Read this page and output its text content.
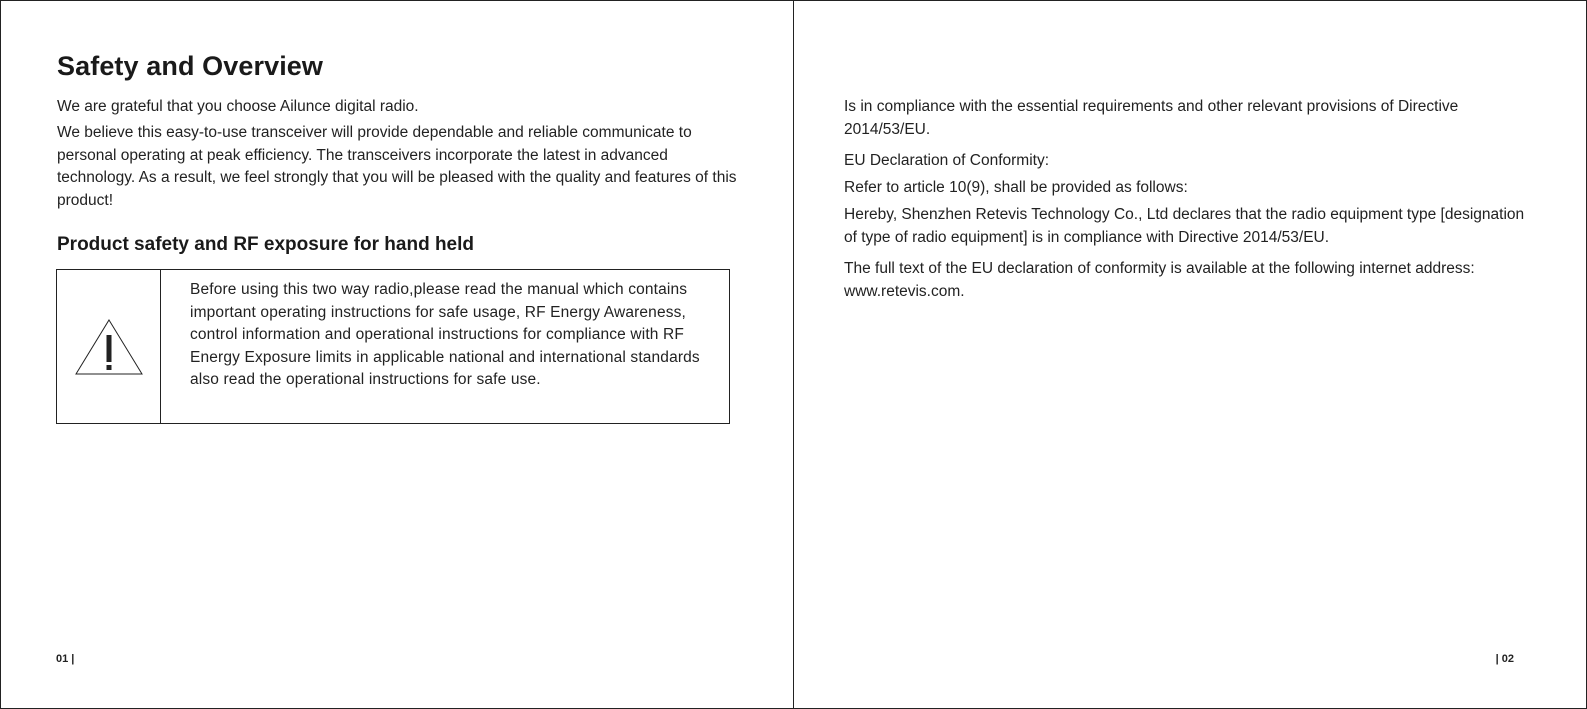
Safety and Overview

We are grateful that you choose Ailunce digital radio.

We believe this easy-to-use transceiver will provide dependable and reliable communicate to personal operating at peak efficiency. The transceivers incorporate the latest in advanced technology. As a result, we feel strongly that you will be pleased with the quality and features of this product!

Product safety and RF exposure for hand held

Before using this two way radio,please read the manual which contains important operating instructions for safe usage, RF Energy Awareness, control information and operational instructions for compliance with RF Energy Exposure limits in applicable national and international standards also read the operational instructions for safe use.

01 |

Is in compliance with the essential requirements and other relevant provisions of Directive 2014/53/EU.

EU Declaration of Conformity:

Refer to article 10(9), shall be provided as follows:

Hereby, Shenzhen Retevis Technology Co., Ltd declares that the radio equipment type [designation of type of radio equipment] is in compliance with Directive 2014/53/EU.

The full text of the EU declaration of conformity is available at the following internet address: www.retevis.com.

| 02
